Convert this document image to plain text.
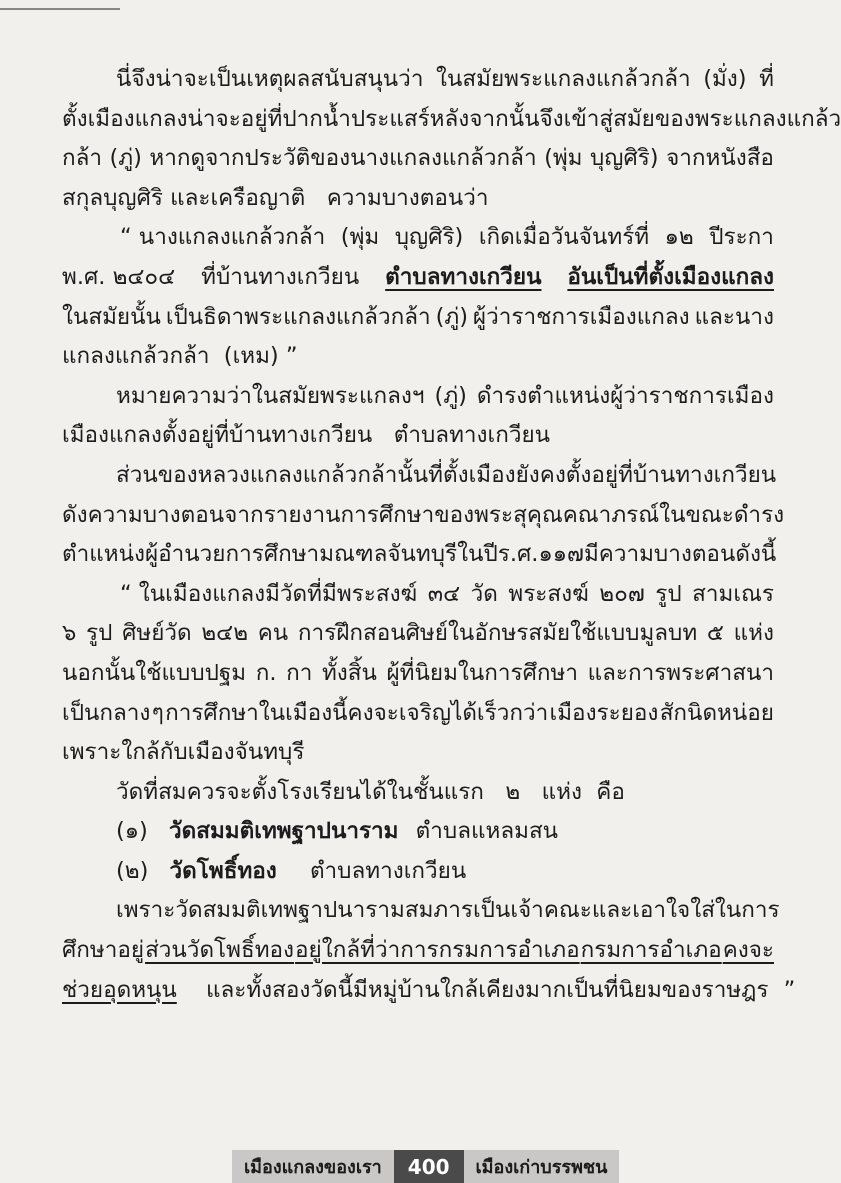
นี่จึงน่าจะเป็นเหตุผลสนับสนุนว่า ในสมัยพระแกลงแกล้วกล้า (มั่ง) ที่
ตั้งเมืองแกลงน่าจะอยู่ที่ปากน้ำประแสร์ หลังจากนั้นจึงเข้าสู่สมัยของพระแกลงแกล้ว
กล้า (ภู่) หากดูจากประวัติของนางแกลงแกล้วกล้า (พุ่ม บุญศิริ) จากหนังสือ
สกุลบุญศิริ และเครือญาติ   ความบางตอนว่า
“ นางแกลงแกล้วกล้า (พุ่ม บุญศิริ) เกิดเมื่อวันจันทร์ที่ ๑๒ ปีระกา
พ.ศ. ๒๔๐๔ ที่บ้านทางเกวียน ตำบลทางเกวียน อันเป็นที่ตั้งเมืองแกลง
ในสมัยนั้น เป็นธิดาพระแกลงแกล้วกล้า (ภู่) ผู้ว่าราชการเมืองแกลง และนาง
แกลงแกล้วกล้า  (เหม) ”
หมายความว่าในสมัยพระแกลงฯ (ภู่) ดำรงตำแหน่งผู้ว่าราชการเมือง
เมืองแกลงตั้งอยู่ที่บ้านทางเกวียน   ตำบลทางเกวียน
ส่วนของหลวงแกลงแกล้วกล้า นั้น ที่ตั้งเมืองยังคงตั้งอยู่ที่บ้านทางเกวียน
ดังความบางตอนจากรายงานการศึกษา ของพระสุคุณคณาภรณ์ ในขณะดำรง
ตำแหน่งผู้อำนวยการศึกษามณฑลจันทบุรี ในปี ร.ศ. ๑๑๗ มีความบางตอนดังนี้
“ ในเมืองแกลงมีวัดที่มีพระสงฆ์ ๓๔ วัด พระสงฆ์ ๒๐๗ รูป สามเณร
๖ รูป ศิษย์วัด ๒๔๒ คน การฝึกสอนศิษย์ในอักษรสมัยใช้แบบมูลบท ๕ แห่ง
นอกนั้นใช้แบบปฐม ก. กา ทั้งสิ้น ผู้ที่นิยมในการศึกษา และการพระศาสนา
เป็นกลาง ๆ การศึกษาในเมืองนี้คงจะเจริญได้เร็วกว่า เมืองระยอง สักนิดหน่อย
เพราะใกล้กับเมืองจันทบุรี
วัดที่สมควรจะตั้งโรงเรียนได้ในชั้นแรก   ๒   แห่ง  คือ
(๑) วัดสมมติเทพฐาปนาราม ตำบลแหลมสน
(๒) วัดโพธิ์ทอง ตำบลทางเกวียน
เพราะวัดสมมติเทพฐาปนาราม สมภารเป็นเจ้าคณะและเอาใจใส่ในการ
ศึกษาอยู่ ส่วนวัดโพธิ์ทอง อยู่ใกล้ที่ว่าการกรมการอำเภอ กรมการอำเภอ คงจะ
ช่วยอุดหนุน และทั้งสองวัดนี้มีหมู่บ้านใกล้เคียงมากเป็นที่นิยมของราษฎร ”
เมืองแกลงของเรา	400	เมืองเก่าบรรพชน
